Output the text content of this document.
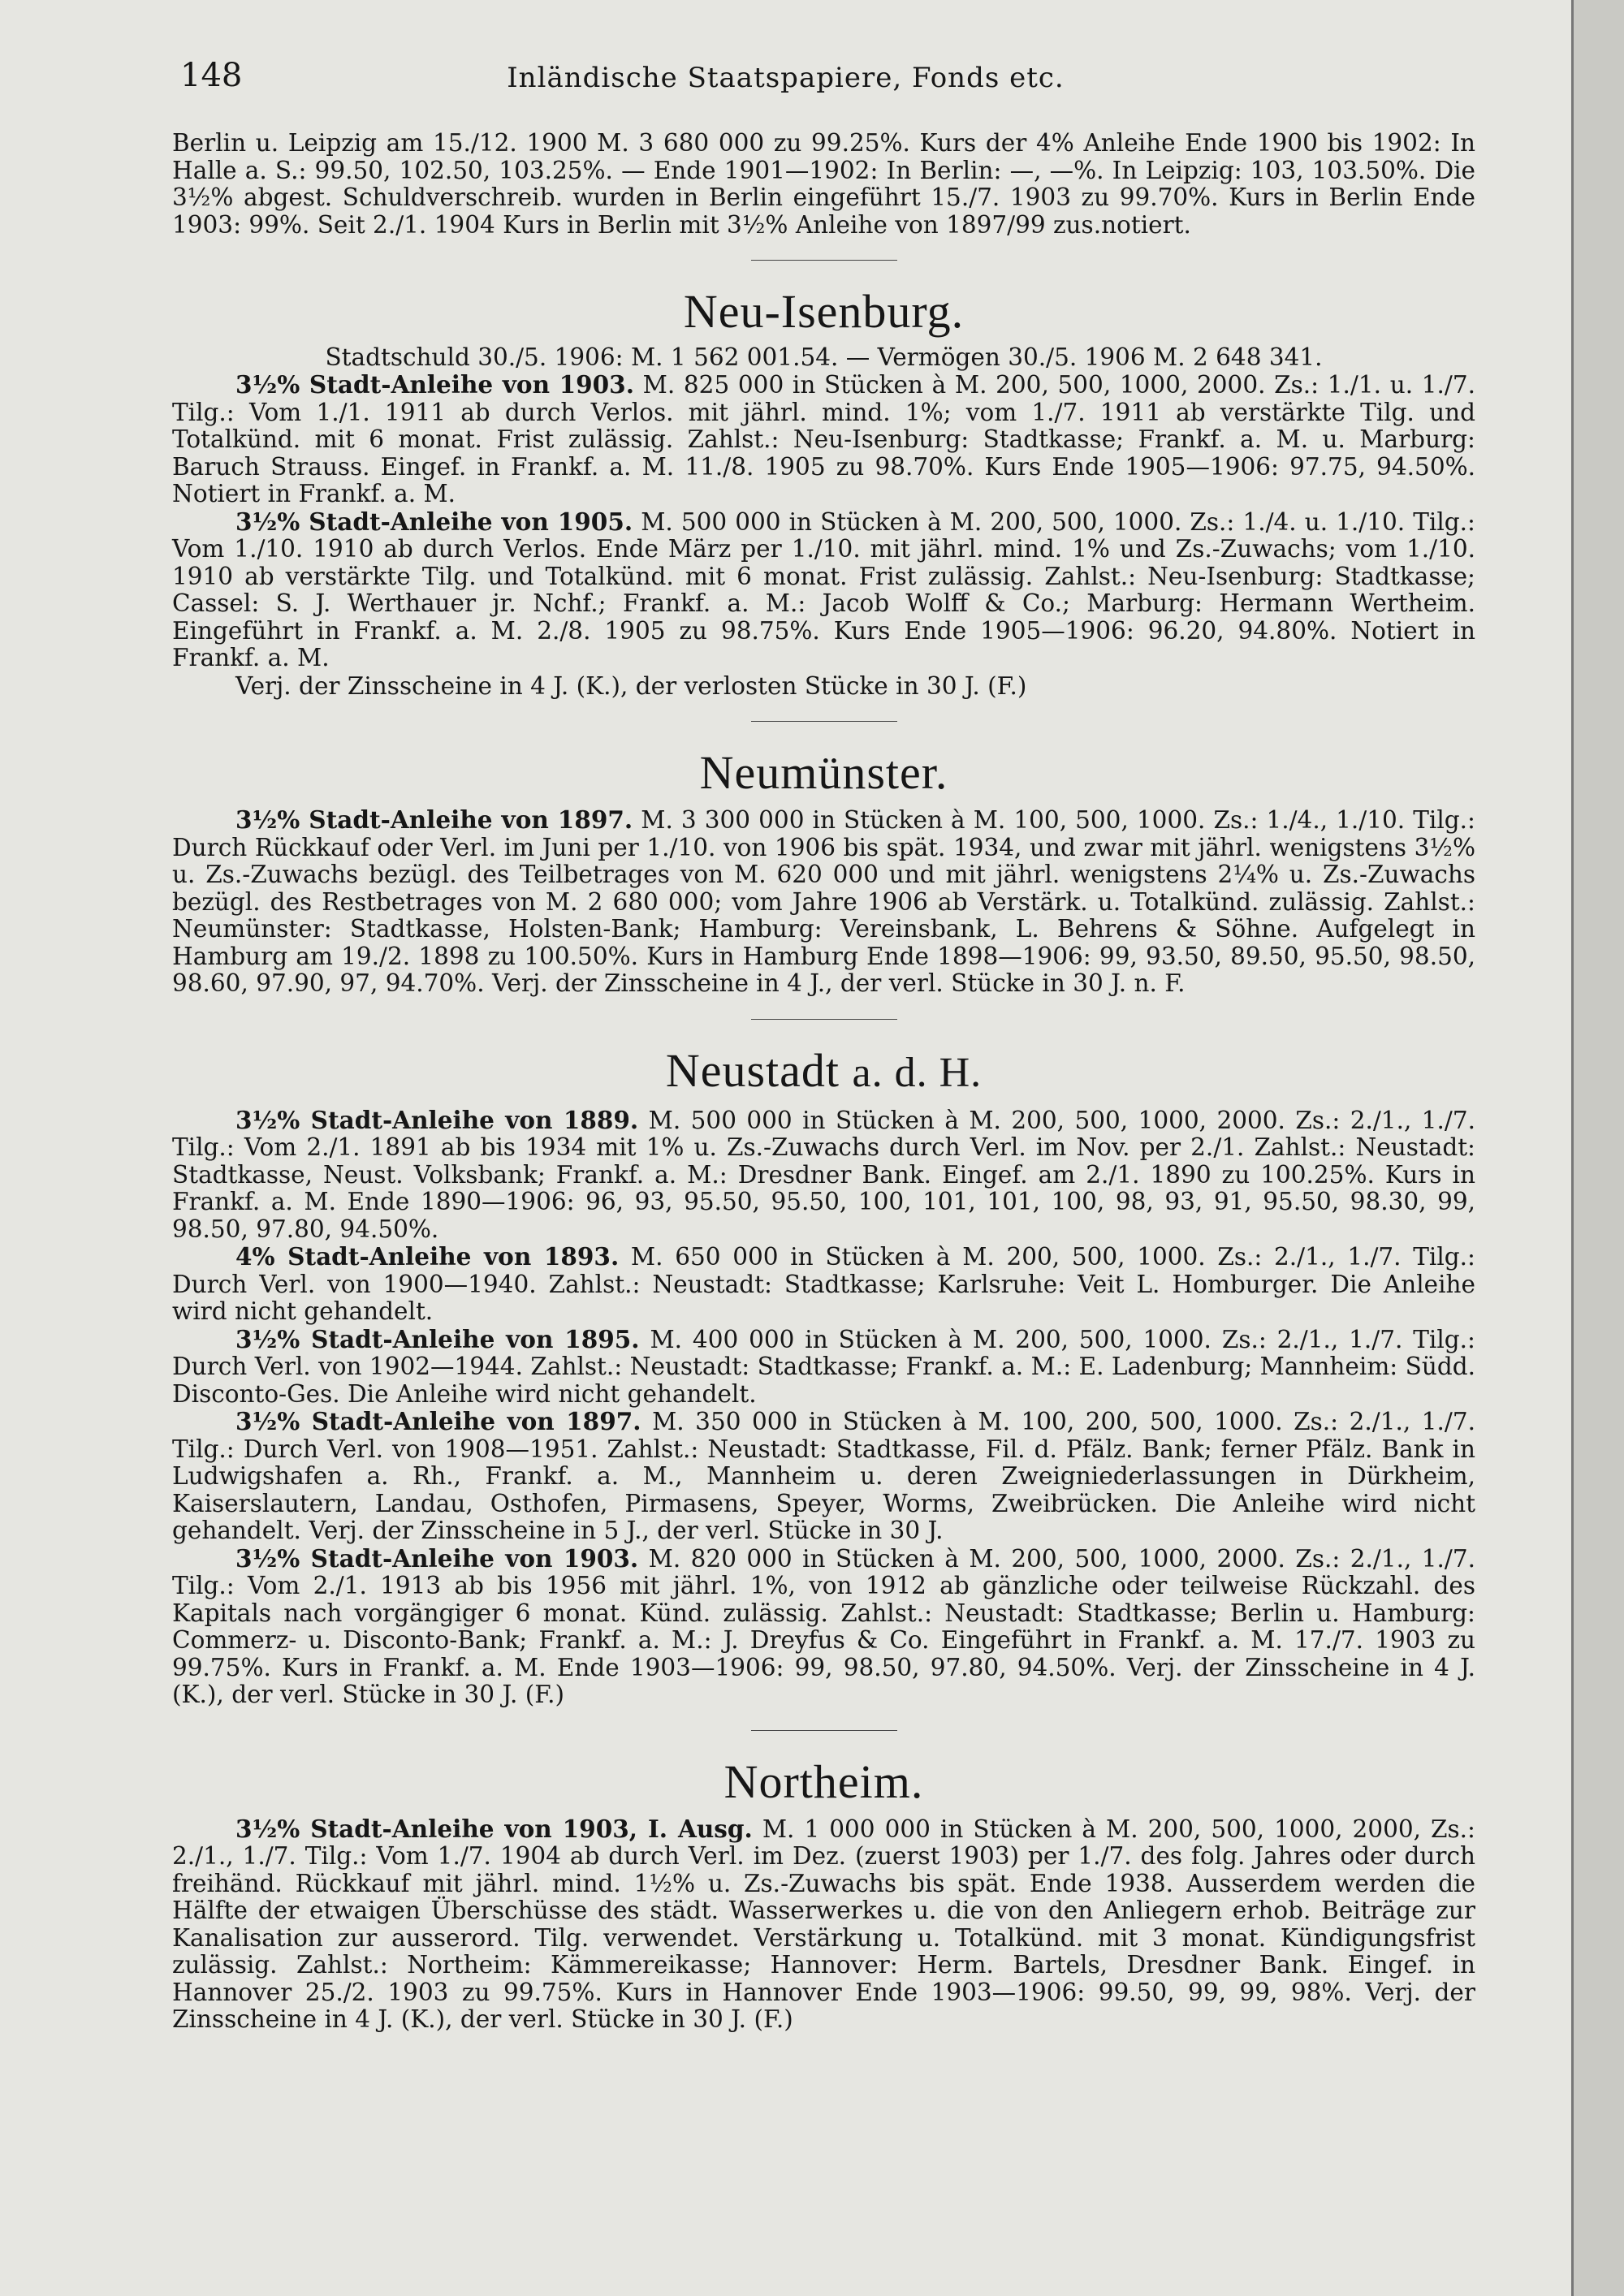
148	Inländische Staatspapiere, Fonds etc.

Berlin u. Leipzig am 15./12. 1900 M. 3 680 000 zu 99.25%. Kurs der 4% Anleihe Ende 1900 bis 1902: In Halle a. S.: 99.50, 102.50, 103.25%. — Ende 1901—1902: In Berlin: —, —%. In Leipzig: 103, 103.50%. Die 3½% abgest. Schuldverschreib. wurden in Berlin eingeführt 15./7. 1903 zu 99.70%. Kurs in Berlin Ende 1903: 99%. Seit 2./1. 1904 Kurs in Berlin mit 3½% Anleihe von 1897/99 zus.notiert.

Neu-Isenburg.
Stadtschuld 30./5. 1906: M. 1 562 001.54. — Vermögen 30./5. 1906 M. 2 648 341.

3½% Stadt-Anleihe von 1903. M. 825 000 in Stücken à M. 200, 500, 1000, 2000. Zs.: 1./1. u. 1./7. Tilg.: Vom 1./1. 1911 ab durch Verlos. mit jährl. mind. 1%; vom 1./7. 1911 ab verstärkte Tilg. und Totalkünd. mit 6 monat. Frist zulässig. Zahlst.: Neu-Isenburg: Stadtkasse; Frankf. a. M. u. Marburg: Baruch Strauss. Eingef. in Frankf. a. M. 11./8. 1905 zu 98.70%. Kurs Ende 1905—1906: 97.75, 94.50%. Notiert in Frankf. a. M.

3½% Stadt-Anleihe von 1905. M. 500 000 in Stücken à M. 200, 500, 1000. Zs.: 1./4. u. 1./10. Tilg.: Vom 1./10. 1910 ab durch Verlos. Ende März per 1./10. mit jährl. mind. 1% und Zs.-Zuwachs; vom 1./10. 1910 ab verstärkte Tilg. und Totalkünd. mit 6 monat. Frist zulässig. Zahlst.: Neu-Isenburg: Stadtkasse; Cassel: S. J. Werthauer jr. Nchf.; Frankf. a. M.: Jacob Wolff & Co.; Marburg: Hermann Wertheim. Eingeführt in Frankf. a. M. 2./8. 1905 zu 98.75%. Kurs Ende 1905—1906: 96.20, 94.80%. Notiert in Frankf. a. M.

Verj. der Zinsscheine in 4 J. (K.), der verlosten Stücke in 30 J. (F.)

Neumünster.

3½% Stadt-Anleihe von 1897. M. 3 300 000 in Stücken à M. 100, 500, 1000. Zs.: 1./4., 1./10. Tilg.: Durch Rückkauf oder Verl. im Juni per 1./10. von 1906 bis spät. 1934, und zwar mit jährl. wenigstens 3½% u. Zs.-Zuwachs bezügl. des Teilbetrages von M. 620 000 und mit jährl. wenigstens 2¼% u. Zs.-Zuwachs bezügl. des Restbetrages von M. 2 680 000; vom Jahre 1906 ab Verstärk. u. Totalkünd. zulässig. Zahlst.: Neumünster: Stadtkasse, Holsten-Bank; Hamburg: Vereinsbank, L. Behrens & Söhne. Aufgelegt in Hamburg am 19./2. 1898 zu 100.50%. Kurs in Hamburg Ende 1898—1906: 99, 93.50, 89.50, 95.50, 98.50, 98.60, 97.90, 97, 94.70%. Verj. der Zinsscheine in 4 J., der verl. Stücke in 30 J. n. F.

Neustadt a. d. H.

3½% Stadt-Anleihe von 1889. M. 500 000 in Stücken à M. 200, 500, 1000, 2000. Zs.: 2./1., 1./7. Tilg.: Vom 2./1. 1891 ab bis 1934 mit 1% u. Zs.-Zuwachs durch Verl. im Nov. per 2./1. Zahlst.: Neustadt: Stadtkasse, Neust. Volksbank; Frankf. a. M.: Dresdner Bank. Eingef. am 2./1. 1890 zu 100.25%. Kurs in Frankf. a. M. Ende 1890—1906: 96, 93, 95.50, 95.50, 100, 101, 101, 100, 98, 93, 91, 95.50, 98.30, 99, 98.50, 97.80, 94.50%.

4% Stadt-Anleihe von 1893. M. 650 000 in Stücken à M. 200, 500, 1000. Zs.: 2./1., 1./7. Tilg.: Durch Verl. von 1900—1940. Zahlst.: Neustadt: Stadtkasse; Karlsruhe: Veit L. Homburger. Die Anleihe wird nicht gehandelt.

3½% Stadt-Anleihe von 1895. M. 400 000 in Stücken à M. 200, 500, 1000. Zs.: 2./1., 1./7. Tilg.: Durch Verl. von 1902—1944. Zahlst.: Neustadt: Stadtkasse; Frankf. a. M.: E. Ladenburg; Mannheim: Südd. Disconto-Ges. Die Anleihe wird nicht gehandelt.

3½% Stadt-Anleihe von 1897. M. 350 000 in Stücken à M. 100, 200, 500, 1000. Zs.: 2./1., 1./7. Tilg.: Durch Verl. von 1908—1951. Zahlst.: Neustadt: Stadtkasse, Fil. d. Pfälz. Bank; ferner Pfälz. Bank in Ludwigshafen a. Rh., Frankf. a. M., Mannheim u. deren Zweigniederlassungen in Dürkheim, Kaiserslautern, Landau, Osthofen, Pirmasens, Speyer, Worms, Zweibrücken. Die Anleihe wird nicht gehandelt. Verj. der Zinsscheine in 5 J., der verl. Stücke in 30 J.

3½% Stadt-Anleihe von 1903. M. 820 000 in Stücken à M. 200, 500, 1000, 2000. Zs.: 2./1., 1./7. Tilg.: Vom 2./1. 1913 ab bis 1956 mit jährl. 1%, von 1912 ab gänzliche oder teilweise Rückzahl. des Kapitals nach vorgängiger 6 monat. Künd. zulässig. Zahlst.: Neustadt: Stadtkasse; Berlin u. Hamburg: Commerz- u. Disconto-Bank; Frankf. a. M.: J. Dreyfus & Co. Eingeführt in Frankf. a. M. 17./7. 1903 zu 99.75%. Kurs in Frankf. a. M. Ende 1903—1906: 99, 98.50, 97.80, 94.50%. Verj. der Zinsscheine in 4 J. (K.), der verl. Stücke in 30 J. (F.)

Northeim.

3½% Stadt-Anleihe von 1903, I. Ausg. M. 1 000 000 in Stücken à M. 200, 500, 1000, 2000, Zs.: 2./1., 1./7. Tilg.: Vom 1./7. 1904 ab durch Verl. im Dez. (zuerst 1903) per 1./7. des folg. Jahres oder durch freihänd. Rückkauf mit jährl. mind. 1½% u. Zs.-Zuwachs bis spät. Ende 1938. Ausserdem werden die Hälfte der etwaigen Überschüsse des städt. Wasserwerkes u. die von den Anliegern erhob. Beiträge zur Kanalisation zur ausserord. Tilg. verwendet. Verstärkung u. Totalkünd. mit 3 monat. Kündigungsfrist zulässig. Zahlst.: Northeim: Kämmereikasse; Hannover: Herm. Bartels, Dresdner Bank. Eingef. in Hannover 25./2. 1903 zu 99.75%. Kurs in Hannover Ende 1903—1906: 99.50, 99, 99, 98%. Verj. der Zinsscheine in 4 J. (K.), der verl. Stücke in 30 J. (F.)
